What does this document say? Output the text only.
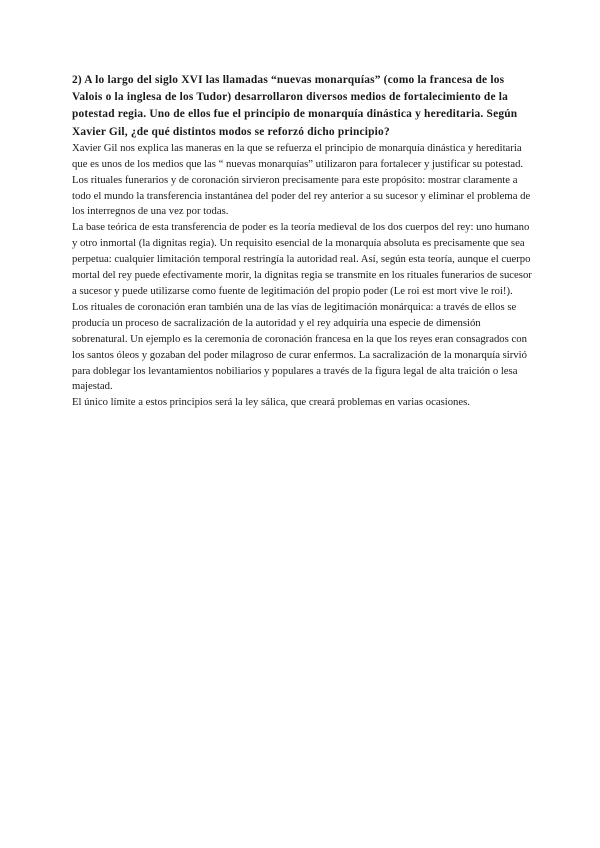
2) A lo largo del siglo XVI las llamadas “nuevas monarquías” (como la francesa de los Valois o la inglesa de los Tudor) desarrollaron diversos medios de fortalecimiento de la potestad regia. Uno de ellos fue el principio de monarquía dinástica y hereditaria. Según Xavier Gil, ¿de qué distintos modos se reforzó dicho principio?

Xavier Gil nos explica las maneras en la que se refuerza el principio de monarquía dinástica y hereditaria que es unos de los medios que las “ nuevas monarquías” utilizaron para fortalecer y justificar su potestad.

Los rituales funerarios y de coronación sirvieron precisamente para este propósito: mostrar claramente a todo el mundo la transferencia instantánea del poder del rey anterior a su sucesor y eliminar el problema de los interregnos de una vez por todas.

La base teórica de esta transferencia de poder es la teoría medieval de los dos cuerpos del rey: uno humano y otro inmortal (la dignitas regia). Un requisito esencial de la monarquía absoluta es precisamente que sea perpetua: cualquier limitación temporal restringía la autoridad real. Así, según esta teoría, aunque el cuerpo mortal del rey puede efectivamente morir, la dignitas regia se transmite en los rituales funerarios de sucesor a sucesor y puede utilizarse como fuente de legitimación del propio poder (Le roi est mort vive le roi!).

Los rituales de coronación eran también una de las vías de legitimación monárquica: a través de ellos se producía un proceso de sacralización de la autoridad y el rey adquiría una especie de dimensión sobrenatural. Un ejemplo es la ceremonia de coronación francesa en la que los reyes eran consagrados con los santos óleos y gozaban del poder milagroso de curar enfermos. La sacralización de la monarquía sirvió para doblegar los levantamientos nobiliarios y populares a través de la figura legal de alta traición o lesa majestad.

El único límite a estos principios será la ley sálica, que creará problemas en varias ocasiones.
